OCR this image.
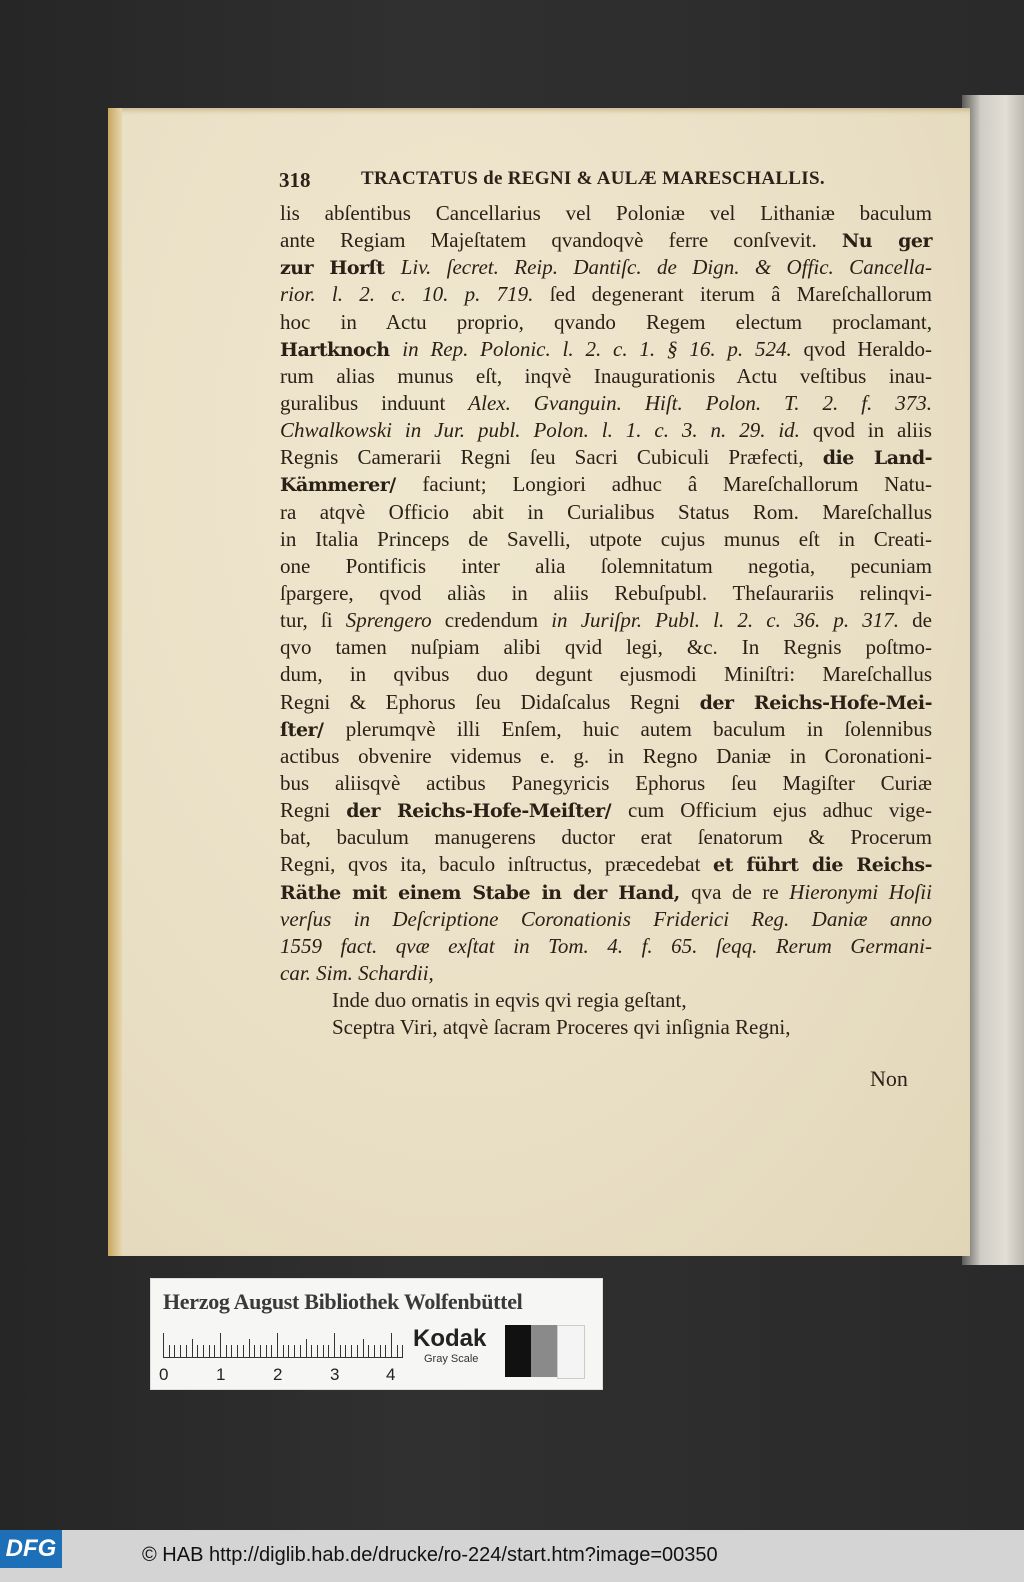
318	TRACTATUS de REGNI & AULÆ MARESCHALLIS.
lis abſentibus Cancellarius vel Poloniæ vel Lithaniæ baculum
ante Regiam Majeſtatem qvandoqvè ferre conſvevit. Nu ger
zur Horſt Liv. ſecret. Reip. Dantiſc. de Dign. & Offic. Cancella-
rior. l. 2. c. 10. p. 719. ſed degenerant iterum â Mareſchallorum
hoc in Actu proprio, qvando Regem electum proclamant,
Hartknoch in Rep. Polonic. l. 2. c. 1. § 16. p. 524. qvod Heraldo-
rum alias munus eſt, inqvè Inaugurationis Actu veſtibus inau-
guralibus induunt Alex. Gvanguin. Hiſt. Polon. T. 2. f. 373.
Chwalkowski in Jur. publ. Polon. l. 1. c. 3. n. 29. id. qvod in aliis
Regnis Camerarii Regni ſeu Sacri Cubiculi Præfecti, die Land-
Kämmerer/ faciunt; Longiori adhuc â Mareſchallorum Natu-
ra atqvè Officio abit in Curialibus Status Rom. Mareſchallus
in Italia Princeps de Savelli, utpote cujus munus eſt in Creati-
one Pontificis inter alia ſolemnitatum negotia, pecuniam
ſpargere, qvod aliàs in aliis Rebuſpubl. Theſaurariis relinqvi-
tur, ſi Sprengero credendum in Juriſpr. Publ. l. 2. c. 36. p. 317. de
qvo tamen nuſpiam alibi qvid legi, &c. In Regnis poſtmo-
dum, in qvibus duo degunt ejusmodi Miniſtri: Mareſchallus
Regni & Ephorus ſeu Didaſcalus Regni der Reichs-Hofe-Mei-
ſter/ plerumqvè illi Enſem, huic autem baculum in ſolennibus
actibus obvenire videmus e. g. in Regno Daniæ in Coronationi-
bus aliisqvè actibus Panegyricis Ephorus ſeu Magiſter Curiæ
Regni der Reichs-Hofe-Meiſter/ cum Officium ejus adhuc vige-
bat, baculum manugerens ductor erat ſenatorum & Procerum
Regni, qvos ita, baculo inſtructus, præcedebat et führt die Reichs-
Räthe mit einem Stabe in der Hand, qva de re Hieronymi Hoſii
verſus in Deſcriptione Coronationis Friderici Reg. Daniæ anno
1559 fact. qvæ exſtat in Tom. 4. f. 65. ſeqq. Rerum Germani-
car. Sim. Schardii,
Inde duo ornatis in eqvis qvi regia geſtant,
Sceptra Viri, atqvè ſacram Proceres qvi inſignia Regni,
Non
Herzog August Bibliothek Wolfenbüttel
0	1	2	3	4
Kodak
Gray Scale
DFG	© HAB http://diglib.hab.de/drucke/ro-224/start.htm?image=00350
